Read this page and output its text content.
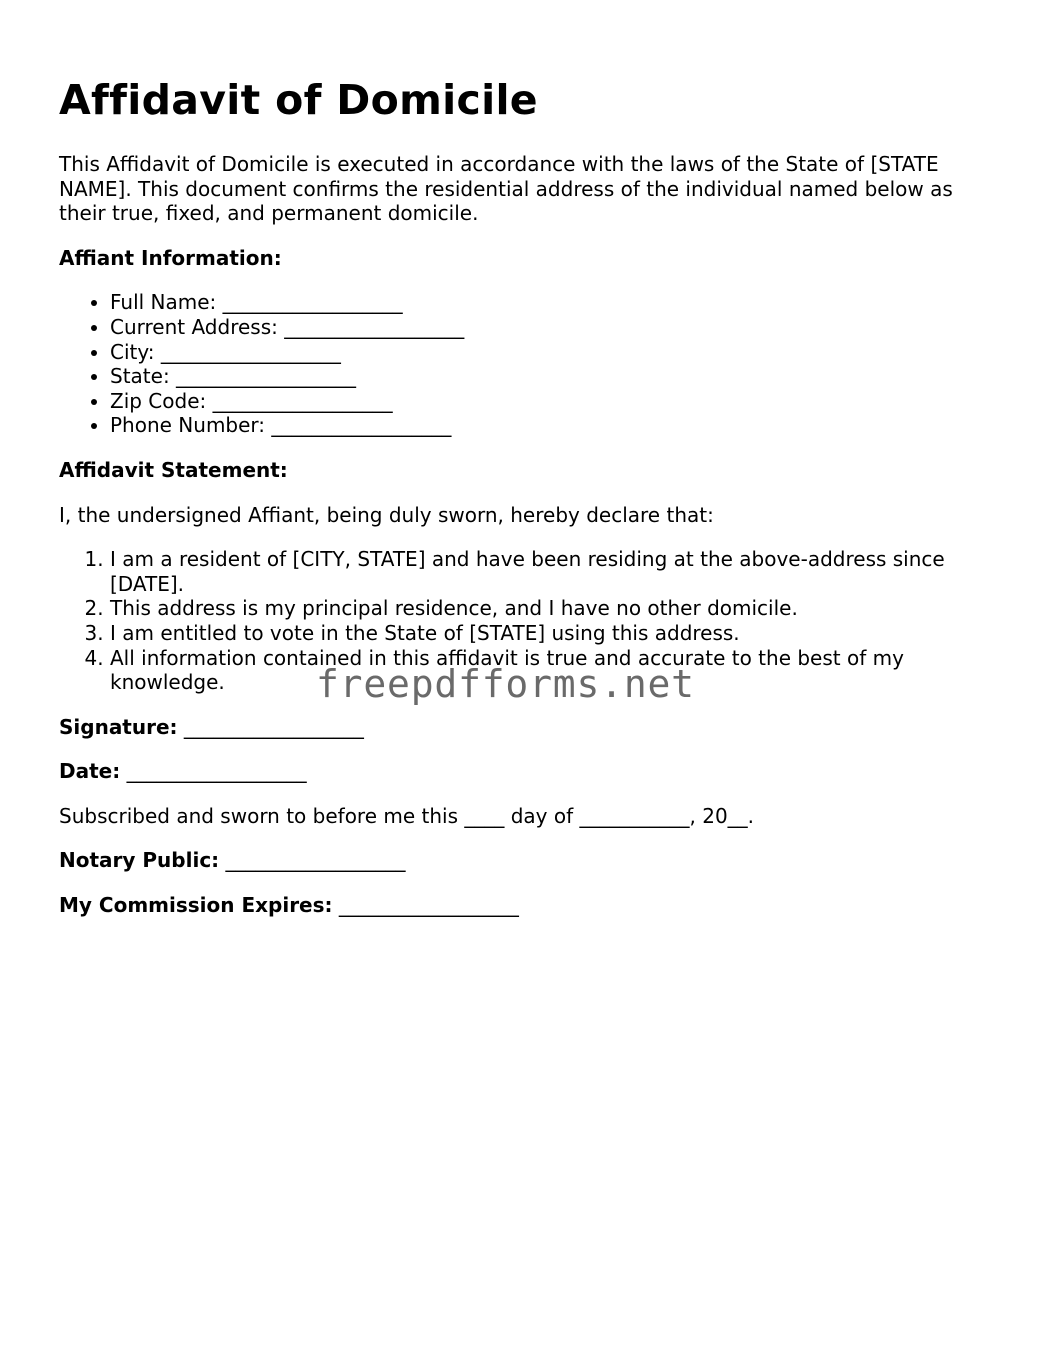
Affidavit of Domicile

This Affidavit of Domicile is executed in accordance with the laws of the State of [STATE NAME]. This document confirms the residential address of the individual named below as their true, fixed, and permanent domicile.

Affiant Information:

• Full Name: __________________
• Current Address: __________________
• City: __________________
• State: __________________
• Zip Code: __________________
• Phone Number: __________________

Affidavit Statement:

I, the undersigned Affiant, being duly sworn, hereby declare that:

1. I am a resident of [CITY, STATE] and have been residing at the above-address since [DATE].
2. This address is my principal residence, and I have no other domicile.
3. I am entitled to vote in the State of [STATE] using this address.
4. All information contained in this affidavit is true and accurate to the best of my knowledge.

Signature: __________________

Date: __________________

Subscribed and sworn to before me this ____ day of ___________, 20__.

Notary Public: __________________

My Commission Expires: __________________

freepdfforms.net
